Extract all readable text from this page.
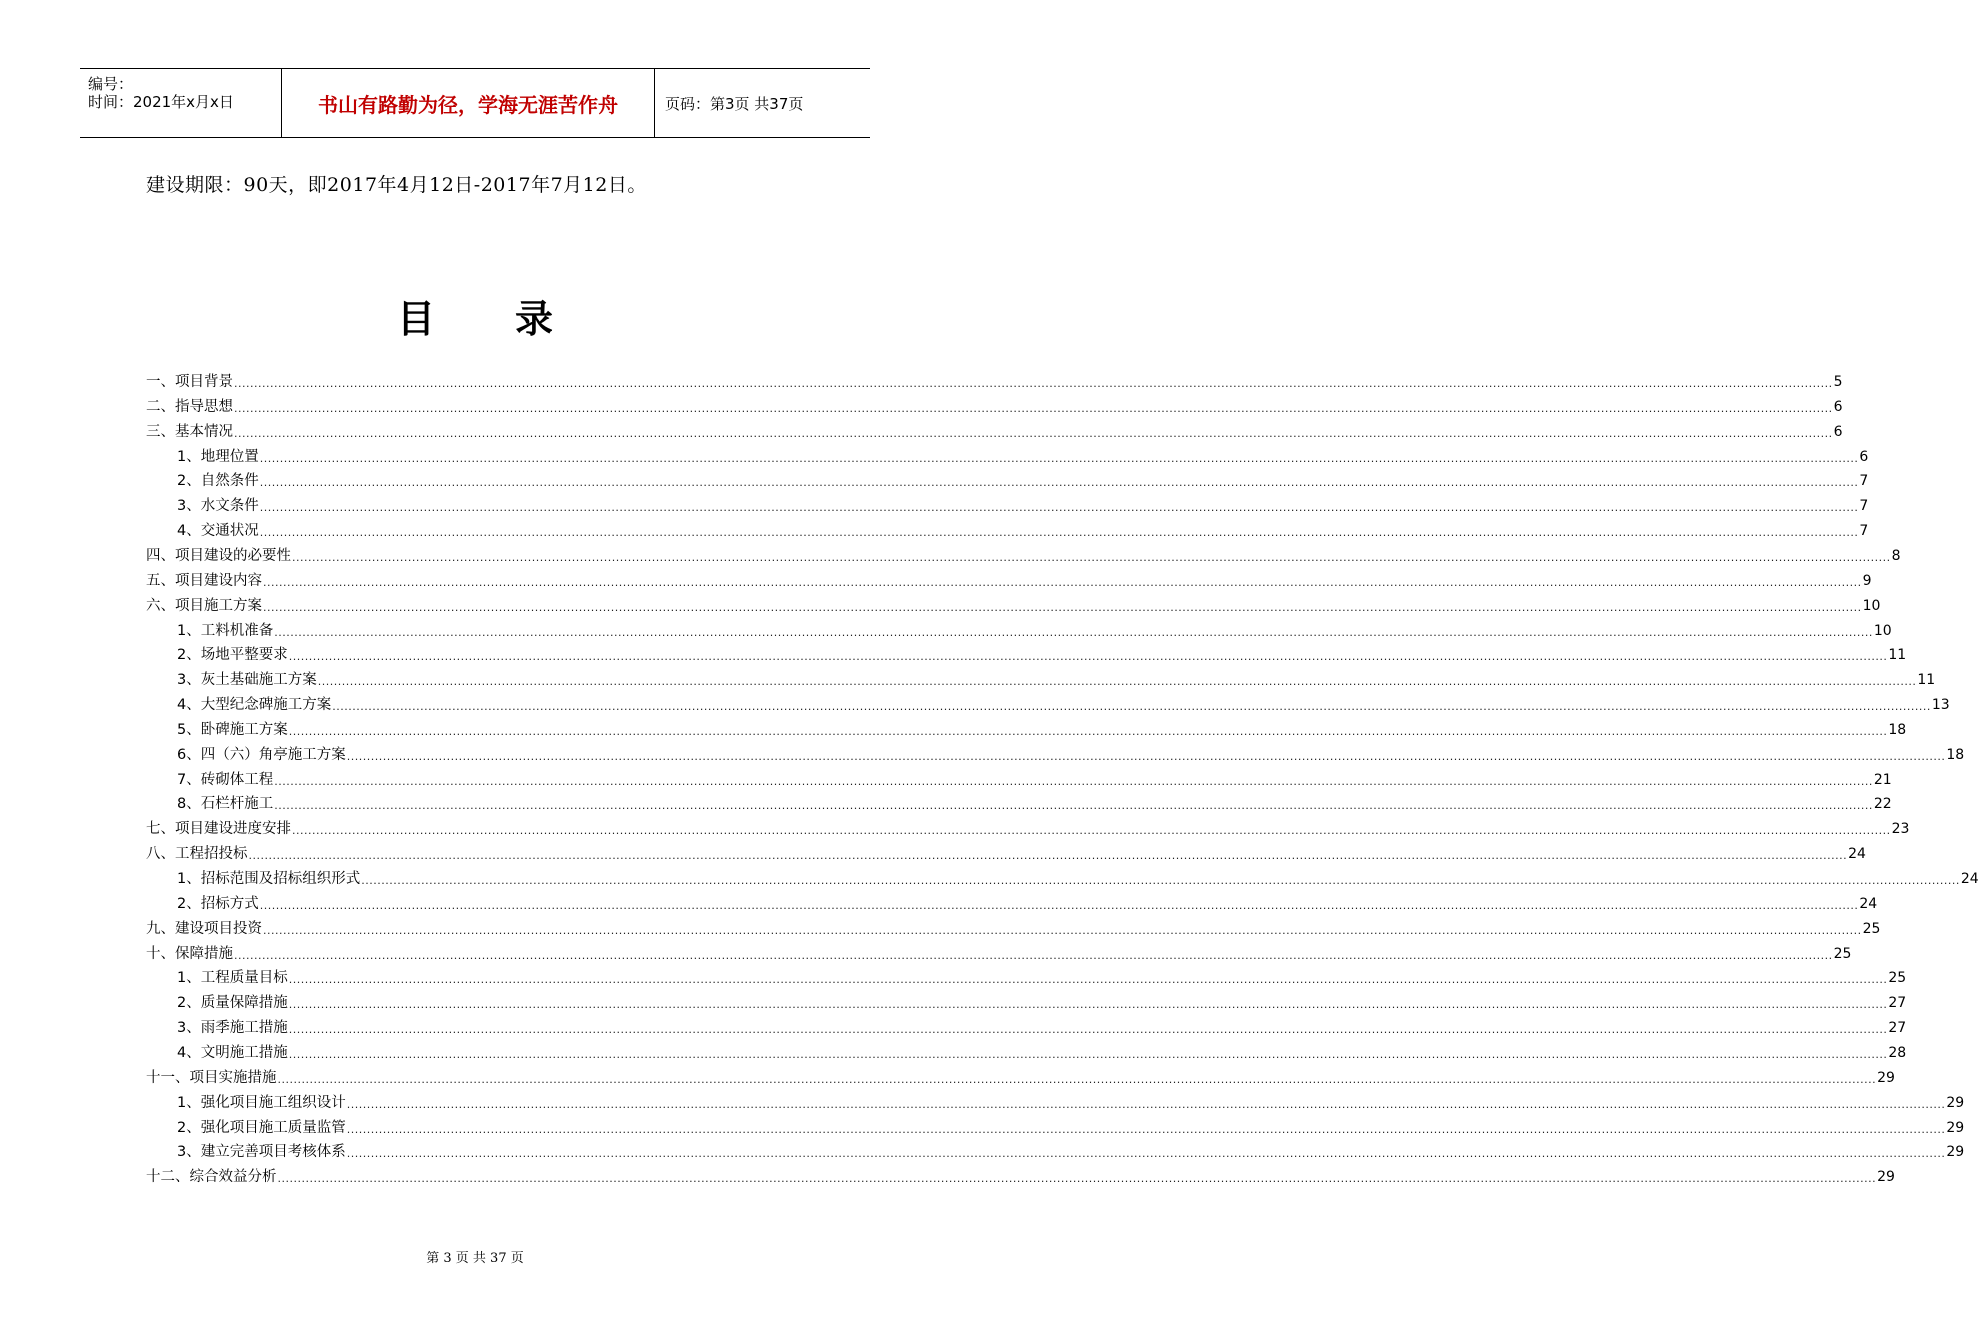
编号：
时间：2021年x月x日	书山有路勤为径，学海无涯苦作舟	页码：第3页 共37页
建设期限：90天，即2017年4月12日-2017年7月12日。
目 录
一、项目背景 ................................................................................................................................................................................................................................................................................................................................................................................................................ 5
二、指导思想 ................................................................................................................................................................................................................................................................................................................................................................................................................ 6
三、基本情况 ................................................................................................................................................................................................................................................................................................................................................................................................................ 6
1、地理位置 ................................................................................................................................................................................................................................................................................................................................................................................................................ 6
2、自然条件 ................................................................................................................................................................................................................................................................................................................................................................................................................ 7
3、水文条件 ................................................................................................................................................................................................................................................................................................................................................................................................................ 7
4、交通状况 ................................................................................................................................................................................................................................................................................................................................................................................................................ 7
四、项目建设的必要性 ................................................................................................................................................................................................................................................................................................................................................................................................................ 8
五、项目建设内容 ................................................................................................................................................................................................................................................................................................................................................................................................................ 9
六、项目施工方案 ................................................................................................................................................................................................................................................................................................................................................................................................................ 10
1、工料机准备 ................................................................................................................................................................................................................................................................................................................................................................................................................ 10
2、场地平整要求 ................................................................................................................................................................................................................................................................................................................................................................................................................ 11
3、灰土基础施工方案 ................................................................................................................................................................................................................................................................................................................................................................................................................ 11
4、大型纪念碑施工方案 ................................................................................................................................................................................................................................................................................................................................................................................................................ 13
5、卧碑施工方案 ................................................................................................................................................................................................................................................................................................................................................................................................................ 18
6、四（六）角亭施工方案 ................................................................................................................................................................................................................................................................................................................................................................................................................ 18
7、砖砌体工程 ................................................................................................................................................................................................................................................................................................................................................................................................................ 21
8、石栏杆施工 ................................................................................................................................................................................................................................................................................................................................................................................................................ 22
七、项目建设进度安排 ................................................................................................................................................................................................................................................................................................................................................................................................................ 23
八、工程招投标 ................................................................................................................................................................................................................................................................................................................................................................................................................ 24
1、招标范围及招标组织形式 ................................................................................................................................................................................................................................................................................................................................................................................................................ 24
2、招标方式 ................................................................................................................................................................................................................................................................................................................................................................................................................ 24
九、建设项目投资 ................................................................................................................................................................................................................................................................................................................................................................................................................ 25
十、保障措施 ................................................................................................................................................................................................................................................................................................................................................................................................................ 25
1、工程质量目标 ................................................................................................................................................................................................................................................................................................................................................................................................................ 25
2、质量保障措施 ................................................................................................................................................................................................................................................................................................................................................................................................................ 27
3、雨季施工措施 ................................................................................................................................................................................................................................................................................................................................................................................................................ 27
4、文明施工措施 ................................................................................................................................................................................................................................................................................................................................................................................................................ 28
十一、项目实施措施 ................................................................................................................................................................................................................................................................................................................................................................................................................ 29
1、强化项目施工组织设计 ................................................................................................................................................................................................................................................................................................................................................................................................................ 29
2、强化项目施工质量监管 ................................................................................................................................................................................................................................................................................................................................................................................................................ 29
3、建立完善项目考核体系 ................................................................................................................................................................................................................................................................................................................................................................................................................ 29
十二、综合效益分析 ................................................................................................................................................................................................................................................................................................................................................................................................................ 29
第 3 页 共 37 页
